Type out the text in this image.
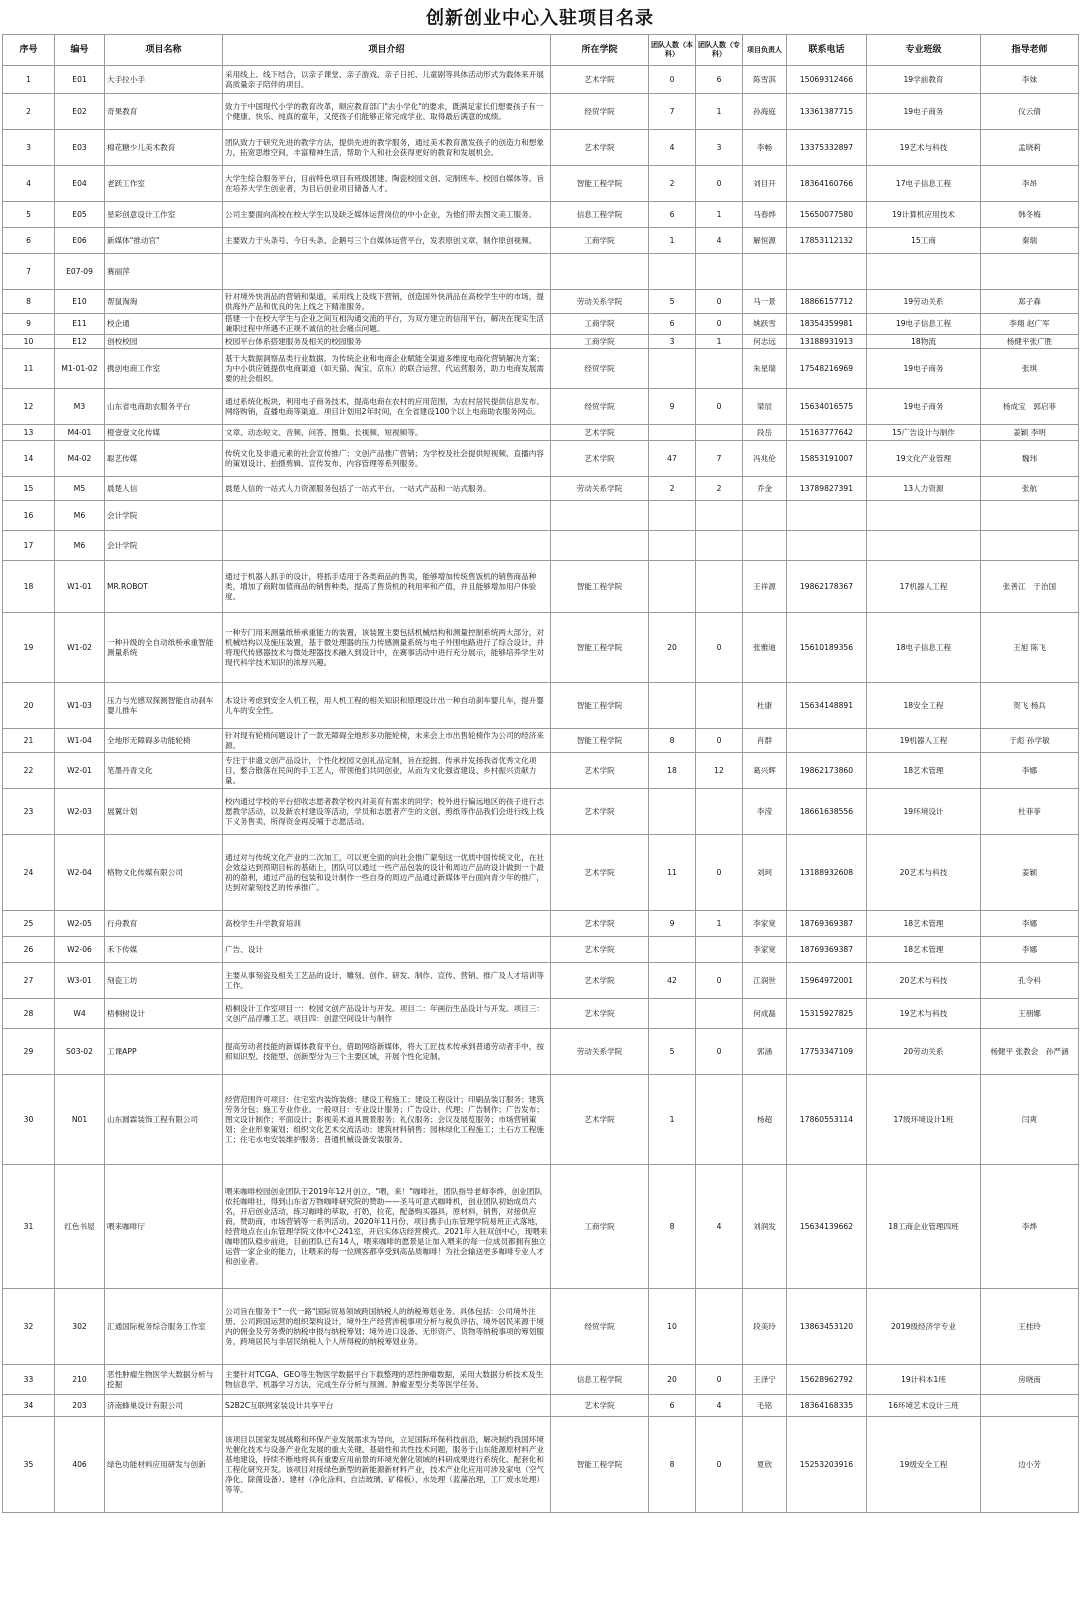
创新创业中心入驻项目名录
序号	编号	项目名称	项目介绍	所在学院	团队人数（本科）	团队人数（专科）	项目负责人	联系电话	专业班级	指导老师
1	E01	大手拉小手	采用线上、线下结合，以亲子课堂、亲子游戏、亲子日托、儿童剧等具体活动形式为载体来开展高质量亲子陪伴的项目。	艺术学院	0	6	陈雪淇	15069312466	19学前教育	李妹
2	E02	奇果教育	致力于中国现代小学的教育改革，顺应教育部门"去小学化"的要求，既满足家长们想要孩子有一个健康、快乐、纯真的童年，又使孩子们能够正常完成学业、取得最后满意的成绩。	经贸学院	7	1	孙海庭	13361387715	19电子商务	仪云倩
3	E03	棉花糖少儿美术教育	团队致力于研究先进的教学方法，提供先进的教学服务，通过美术教育激发孩子的创造力和想象力，拓宽思维空间，丰富精神生活，帮助个人和社会获得更好的教育和发展机会。	艺术学院	4	3	李畅	13375332897	19艺术与科技	孟晓莉
4	E04	老跃工作室	大学生综合服务平台，目前特色项目有班级团建、陶瓷校园文创、定制班车、校园自媒体等。旨在培养大学生创业者，为目后创业项目储备人才。	智能工程学院	2	0	刘目开	18364160766	17电子信息工程	李昂
5	E05	星彩创意设计工作室	公司主要面向高校在校大学生以及缺乏媒体运营岗位的中小企业，为他们带去图文美工服务。	信息工程学院	6	1	马春烨	15650077580	19计算机应用技术	韩冬梅
6	E06	新媒体"推动官"	主要致力于头条号、今日头条、企鹅号三个自媒体运营平台，发表原创文章，制作原创视频。	工商学院	1	4	解恒源	17853112132	15工商	秦瑞
7	E07-09	赛丽萍								
8	E10	帮鼠淘淘	针对境外快消品的营销和渠道，采用线上及线下营销，创造国外快消品在高校学生中的市场，提供海外产品和优良的先上线之下精准服务。	劳动关系学院	5	0	马一景	18866157712	19劳动关系	郑子森
9	E11	校企通	搭建一个在校大学生与企业之间互相沟通交流的平台，为双方建立的信用平台，解决在现实生活兼职过程中所遇不正规不诚信的社会痛点问题。	工商学院	6	0	姚跃雪	18354359981	19电子信息工程	李翔 赵广军
10	E12	创校校园	校园平台体系搭建服务及相关的校园服务	工商学院	3	1	何志远	13188931913	18物流	杨健平张广胜
11	M1-01-02	携创电商工作室	基于大数据洞察品类行业数据，为传统企业和电商企业赋能全渠道多维度电商化营销解决方案；为中小供应链提供电商渠道（如天猫、淘宝、京东）的联合运营、代运营服务，助力电商发展需要的社会组织。	经贸学院			朱星瑞	17548216969	19电子商务	张琪
12	M3	山东省电商助农服务平台	通过系统化板块，利用电子商务技术，提高电商在农村的应用范围，为农村居民提供信息发布、网络购销，直播电商等渠道。项目计划用2年时间，在全省建设100个以上电商助农服务网点。	经贸学院	9	0	梁辰	15634016575	19电子商务	杨成宝　郭启菲
13	M4-01	橙壹壹文化传媒	文章、动态短文、音频、问答、图集、长视频、短视频等。	艺术学院			段岳	15163777642	15广告设计与制作	姜颖 李明
14	M4-02	聪艺传媒	传统文化及非遗元素的社会宣传推广；文创产品推广营销；为学校及社会提供短视频、直播内容的策划设计、拍摄剪辑、宣传发布、内容管理等系列服务。	艺术学院	47	7	冯兆伦	15853191007	19文化产业管理	魏玮
15	M5	晨楚人信	晨楚人信的一站式人力资源服务包括了一站式平台、一站式产品和一站式服务。	劳动关系学院	2	2	乔金	13789827391	13人力资源	张航
16	M6	会计学院								
17	M6	会计学院								
18	W1-01	MR.ROBOT	通过于机器人抓手的设计，将抓手适用于各类商品的售卖，能够增加传统售饭机的销售商品种类，增加了商附加值商品的销售种类，提高了售货机的利用率和产值，并且能够增加用户体验度。	智能工程学院			王祥源	19862178367	17机器人工程	张善江　于治国
19	W1-02	一种升级的全自动纸桥承重智能测量系统	一种专门用来测量纸桥承重能力的装置，该装置主要包括机械结构和测量控制系统两大部分，对机械结构以及施压装置，基于微处理器的压力传感测量系统与电子外围电路进行了综合设计，并将现代传感器技术与微处理器技术融入到设计中，在赛事活动中进行充分展示，能够培养学生对现代科学技术知识的浓厚兴趣。	智能工程学院	20	0	张雅迪	15610189356	18电子信息工程	王旭 陈飞
20	W1-03	压力与光感双探测智能自动刹车婴儿推车	本设计考虑到安全人机工程，用人机工程的相关知识和原理设计出一种自动刹车婴儿车，提升婴儿车的安全性。	智能工程学院			杜康	15634148891	18安全工程	贺飞 杨兵
21	W1-04	全地形无障碍多功能轮椅	针对现有轮椅问题设计了一款无障碍全地形多功能轮椅，未来会上市出售轮椅作为公司的经济来源。	智能工程学院	8	0	肖群		19机器人工程	于彪 孙学敏
22	W2-01	笔墨丹青文化	专注于非遗文创产品设计，个性化校园文创礼品定制，旨在挖掘、传承并发扬我省优秀文化项目，整合散落在民间的手工艺人，带领他们共同创业，从而为文化强省建设、乡村振兴贡献力量。	艺术学院	18	12	葛兴辉	19862173860	18艺术管理	李娜
23	W2-03	展翼计划	校内通过学校的平台招收志愿者教学校内对美育有需求的同学；校外进行偏远地区的孩子进行志愿教学活动，以及新农村建设等活动，学员和志愿者产生的文创、剪纸等作品我们会进行线上线下义务售卖，所得资金再反哺于志愿活动。	艺术学院			李滢	18661638556	19环境设计	杜菲菲
24	W2-04	格物文化传媒有限公司	通过对与传统文化产业的二次加工，可以更全面的向社会推广蒙刻这一优质中国传统文化，在社会效益达到预期目标的基础上，团队可以通过一些产品包装的设计和周边产品的设计做到一个最初的盈利，通过产品的包装和设计制作一些自身的周边产品通过新媒体平台面向青少年的推广，达到对蒙刻技艺的传承推广。	艺术学院	11	0	刘珂	13188932608	20艺术与科技	姜颖
25	W2-05	行舟教育	高校学生升学教育培训	艺术学院	9	1	李家宽	18769369387	18艺术管理	李娜
26	W2-06	禾下传媒	广告、设计	艺术学院			李家宽	18769369387	18艺术管理	李娜
27	W3-01	刻瓷工坊	主要从事刻瓷及相关工艺品的设计、雕刻、创作、研发、制作、宣传、营销、推广及人才培训等工作。	艺术学院	42	0	江润世	15964972001	20艺术与科技	孔令科
28	W4	梧桐树设计	梧桐设计工作室项目一：校园文创产品设计与开发。项目二：年画衍生品设计与开发。项目三：文创产品浮雕工艺。项目四：创意空间设计与制作	艺术学院			何成磊	15315927825	19艺术与科技	王朋娜
29	S03-02	工课APP	提高劳动者技能的新媒体教育平台，借助网络新媒体，将大工匠技术传承到普通劳动者手中，按照知识型、技能型、创新型分为三个主要区域，开展个性化定制。	劳动关系学院	5	0	郭涵	17753347109	20劳动关系	杨健平 张教会　孙严涵
30	N01	山东圆霖装饰工程有限公司	经营范围许可项目：住宅室内装饰装修；建设工程施工；建设工程设计；印刷品装订服务；建筑劳务分包；施工专业作业。一般项目：专业设计服务；广告设计、代理；广告制作；广告发布；图文设计制作；平面设计；影视美术道具置景服务；礼仪服务；会议及展览服务；市场营销策划；企业形象策划；组织文化艺术交流活动；建筑材料销售；园林绿化工程施工；土石方工程施工；住宅水电安装维护服务；普通机械设备安装服务。	艺术学院	1		杨超	17860553114	17级环境设计1班	闫爽
31	红色书屋	喂来咖啡厅	喂来咖啡校园创业团队于2019年12月创立，"喂，来！"咖啡社，团队指导老师李烨，创业团队依托咖啡社，得到山东省万物咖啡研究院的赞助——圣马可意式咖啡机，创业团队初始成员六名，开启创业活动，练习咖啡的萃取，打奶，拉花，配备购买器具，原材料，销售，对接供应商，赞助商，市场营销等一系列活动。2020年11月份，项目携手山东管理学院易班正式落地，经营地点在山东管理学院文体中心241室，开启实体店经营模式。2021年入驻双创中心，现喂来咖啡团队稳步前进，目前团队已有14人，喂来咖啡的愿景是让加入喂来的每一位成员都拥有独立运营一家企业的能力，让喂来的每一位顾客都享受到高品质咖啡！为社会输送更多咖啡专业人才和创业者。	工商学院	8	4	刘润发	15634139662	18工商企业管理四班	李烨
32	302	汇通国际税务综合服务工作室	公司旨在服务于"一代一路"国际贸易领域跨国纳税人的纳税筹划业务。具体包括：公司境外注册、公司跨国运营的组织架构设计，境外生产经营涉税事项分析与税负评估、境外居民来源于境内的佣金及劳务费的纳税申报与纳税筹划；境外进口设备、无形资产、货物等纳税事项的筹划服务，跨境居民与非居民纳税人个人所得税的纳税筹划业务。	经贸学院	10		段美玲	13863453120	2019级经济学专业	王桂玲
33	210	恶性肿瘤生物医学大数据分析与挖掘	主要针对TCGA、GEO等生物医学数据平台下载整理的恶性肿瘤数据，采用大数据分析技术及生物信息学、机器学习方法，完成生存分析与预测、肿瘤亚型分类等医学任务。	信息工程学院	20	0	王泽宁	15628962792	19计科本1班	房晓南
34	203	济南蜂巢设计有限公司	S2B2C互联网家装设计共享平台	艺术学院	6	4	毛铭	18364168335	16环境艺术设计三班	
35	406	绿色功能材料应用研发与创新	该项目以国家发展战略和环保产业发展需求为导向，立足国际环保科技前沿，解决制约我国环境光催化技术与设备产业化发展的重大关键、基础性和共性技术问题，服务于山东能源原材料产业基地建设，持续不断地将具有重要应用前景的环境光催化领域的科研成果进行系统化、配套化和工程化研究开发。该项目对接绿色新型的新能源新材料产业，技术产业化应用可涉及家电（空气净化、除菌设备）、建材（净化涂料、自洁玻璃、矿棉板）、水处理（蓝藻治理，工厂废水处理）等等。	智能工程学院	8	0	夏欣	15253203916	19级安全工程	边小芳
